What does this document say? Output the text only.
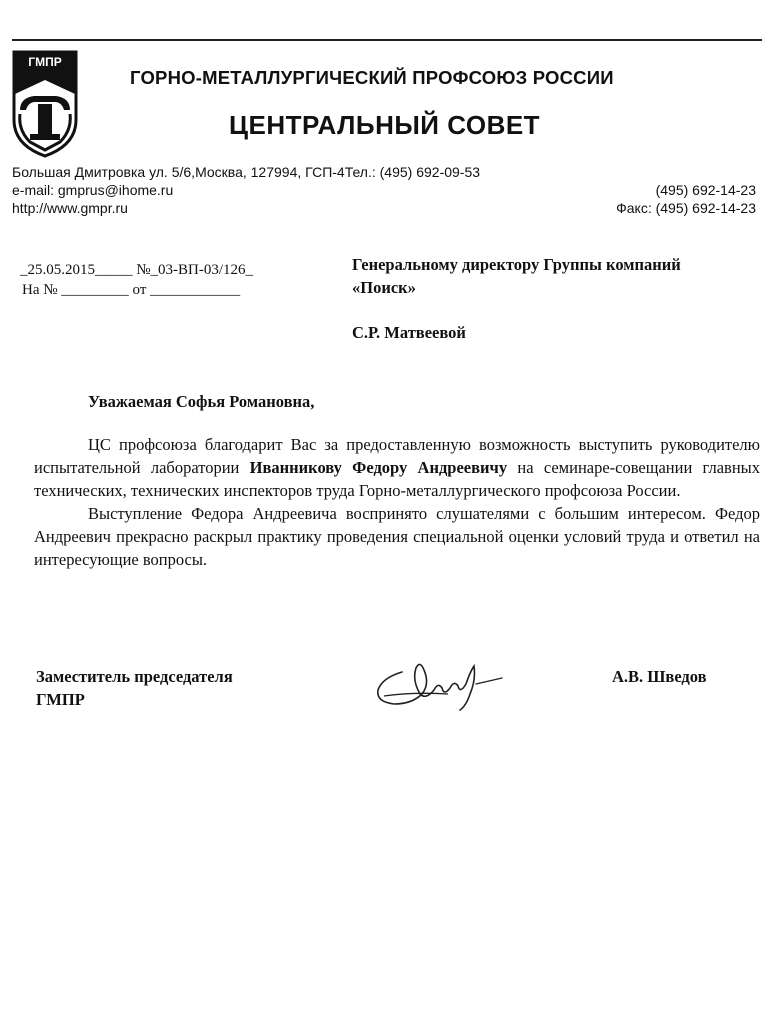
ГМПР
ГОРНО-МЕТАЛЛУРГИЧЕСКИЙ ПРОФСОЮЗ РОССИИ
ЦЕНТРАЛЬНЫЙ СОВЕТ
Большая Дмитровка ул. 5/6,Москва, 127994, ГСП-4Тел.: (495) 692-09-53
e-mail: gmprus@ihome.ru
http://www.gmpr.ru
(495) 692-14-23
Факс: (495) 692-14-23
_25.05.2015_____ №_03-ВП-03/126_
На № _________ от ____________
Генеральному директору Группы компаний
«Поиск»
С.Р. Матвеевой
Уважаемая Софья Романовна,

ЦС профсоюза благодарит Вас за предоставленную возможность выступить руководителю испытательной лаборатории Иванникову Федору Андреевичу на семинаре-совещании главных технических, технических инспекторов труда Горно-металлургического профсоюза России.

Выступление Федора Андреевича воспринято слушателями с большим интересом. Федор Андреевич прекрасно раскрыл практику проведения специальной оценки условий труда и ответил на интересующие вопросы.

Заместитель председателя
ГМПР
А.В. Шведов
